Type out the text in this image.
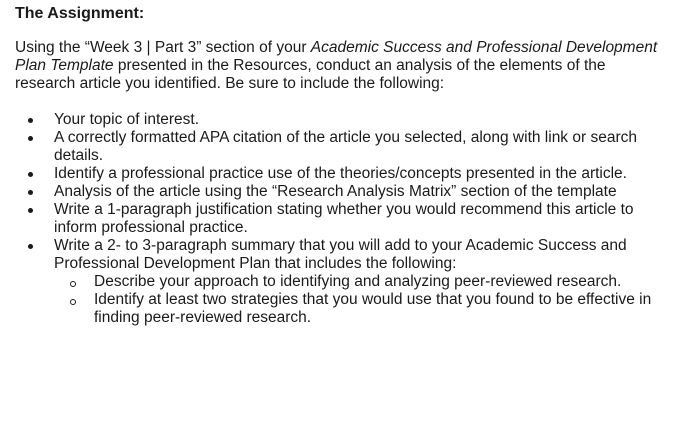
The Assignment:

Using the “Week 3 | Part 3” section of your Academic Success and Professional Development Plan Template presented in the Resources, conduct an analysis of the elements of the research article you identified. Be sure to include the following:

Your topic of interest.
A correctly formatted APA citation of the article you selected, along with link or search details.
Identify a professional practice use of the theories/concepts presented in the article.
Analysis of the article using the “Research Analysis Matrix” section of the template
Write a 1-paragraph justification stating whether you would recommend this article to inform professional practice.
Write a 2- to 3-paragraph summary that you will add to your Academic Success and Professional Development Plan that includes the following:
Describe your approach to identifying and analyzing peer-reviewed research.
Identify at least two strategies that you would use that you found to be effective in finding peer-reviewed research.
